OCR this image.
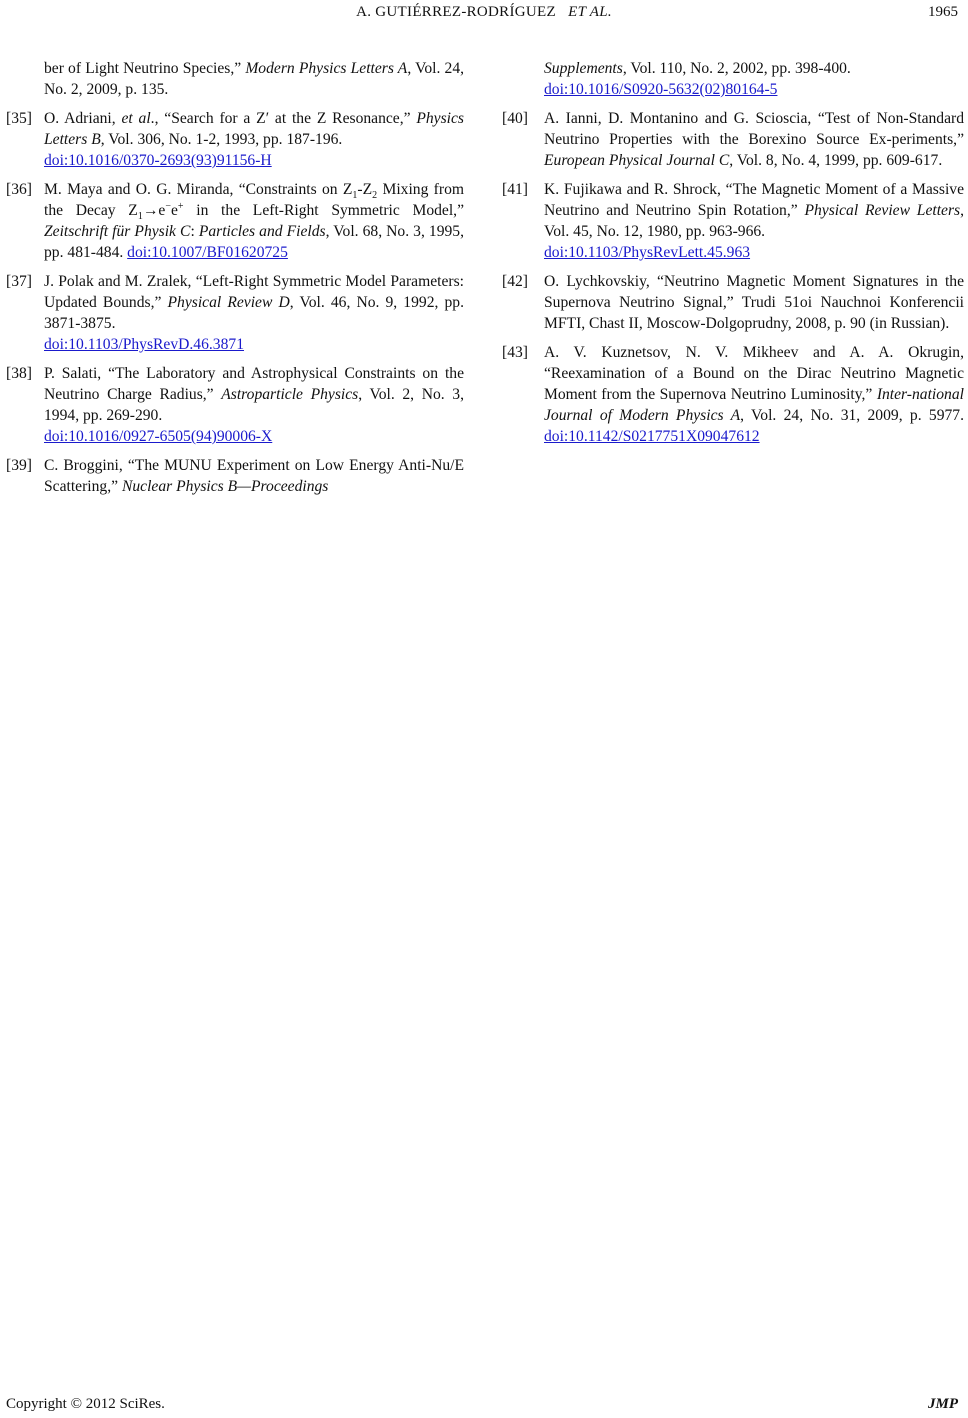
A. GUTIÉRREZ-RODRÍGUEZ ET AL.	1965
ber of Light Neutrino Species,” Modern Physics Letters A, Vol. 24, No. 2, 2009, p. 135.
[35] O. Adriani, et al., “Search for a Z′ at the Z Resonance,” Physics Letters B, Vol. 306, No. 1-2, 1993, pp. 187-196.
doi:10.1016/0370-2693(93)91156-H
[36] M. Maya and O. G. Miranda, “Constraints on $Z_1-Z_2$ Mixing from the Decay $Z_1\to e^-e^+$ in the Left-Right Symmetric Model,” Zeitschrift für Physik C: Particles and Fields, Vol. 68, No. 3, 1995, pp. 481-484. doi:10.1007/BF01620725
[37] J. Polak and M. Zralek, “Left-Right Symmetric Model Parameters: Updated Bounds,” Physical Review D, Vol. 46, No. 9, 1992, pp. 3871-3875.
doi:10.1103/PhysRevD.46.3871
[38] P. Salati, “The Laboratory and Astrophysical Constraints on the Neutrino Charge Radius,” Astroparticle Physics, Vol. 2, No. 3, 1994, pp. 269-290.
doi:10.1016/0927-6505(94)90006-X
[39] C. Broggini, “The MUNU Experiment on Low Energy Anti-Nu/E Scattering,” Nuclear Physics B—Proceedings
Supplements, Vol. 110, No. 2, 2002, pp. 398-400.
doi:10.1016/S0920-5632(02)80164-5
[40] A. Ianni, D. Montanino and G. Scioscia, “Test of Non-Standard Neutrino Properties with the Borexino Source Ex-periments,” European Physical Journal C, Vol. 8, No. 4, 1999, pp. 609-617.
[41] K. Fujikawa and R. Shrock, “The Magnetic Moment of a Massive Neutrino and Neutrino Spin Rotation,” Physical Review Letters, Vol. 45, No. 12, 1980, pp. 963-966.
doi:10.1103/PhysRevLett.45.963
[42] O. Lychkovskiy, “Neutrino Magnetic Moment Signatures in the Supernova Neutrino Signal,” Trudi 51oi Nauchnoi Konferencii MFTI, Chast II, Moscow-Dolgoprudny, 2008, p. 90 (in Russian).
[43] A. V. Kuznetsov, N. V. Mikheev and A. A. Okrugin, “Reexamination of a Bound on the Dirac Neutrino Magnetic Moment from the Supernova Neutrino Luminosity,” Inter-national Journal of Modern Physics A, Vol. 24, No. 31, 2009, p. 5977. doi:10.1142/S0217751X09047612
Copyright © 2012 SciRes.	JMP
